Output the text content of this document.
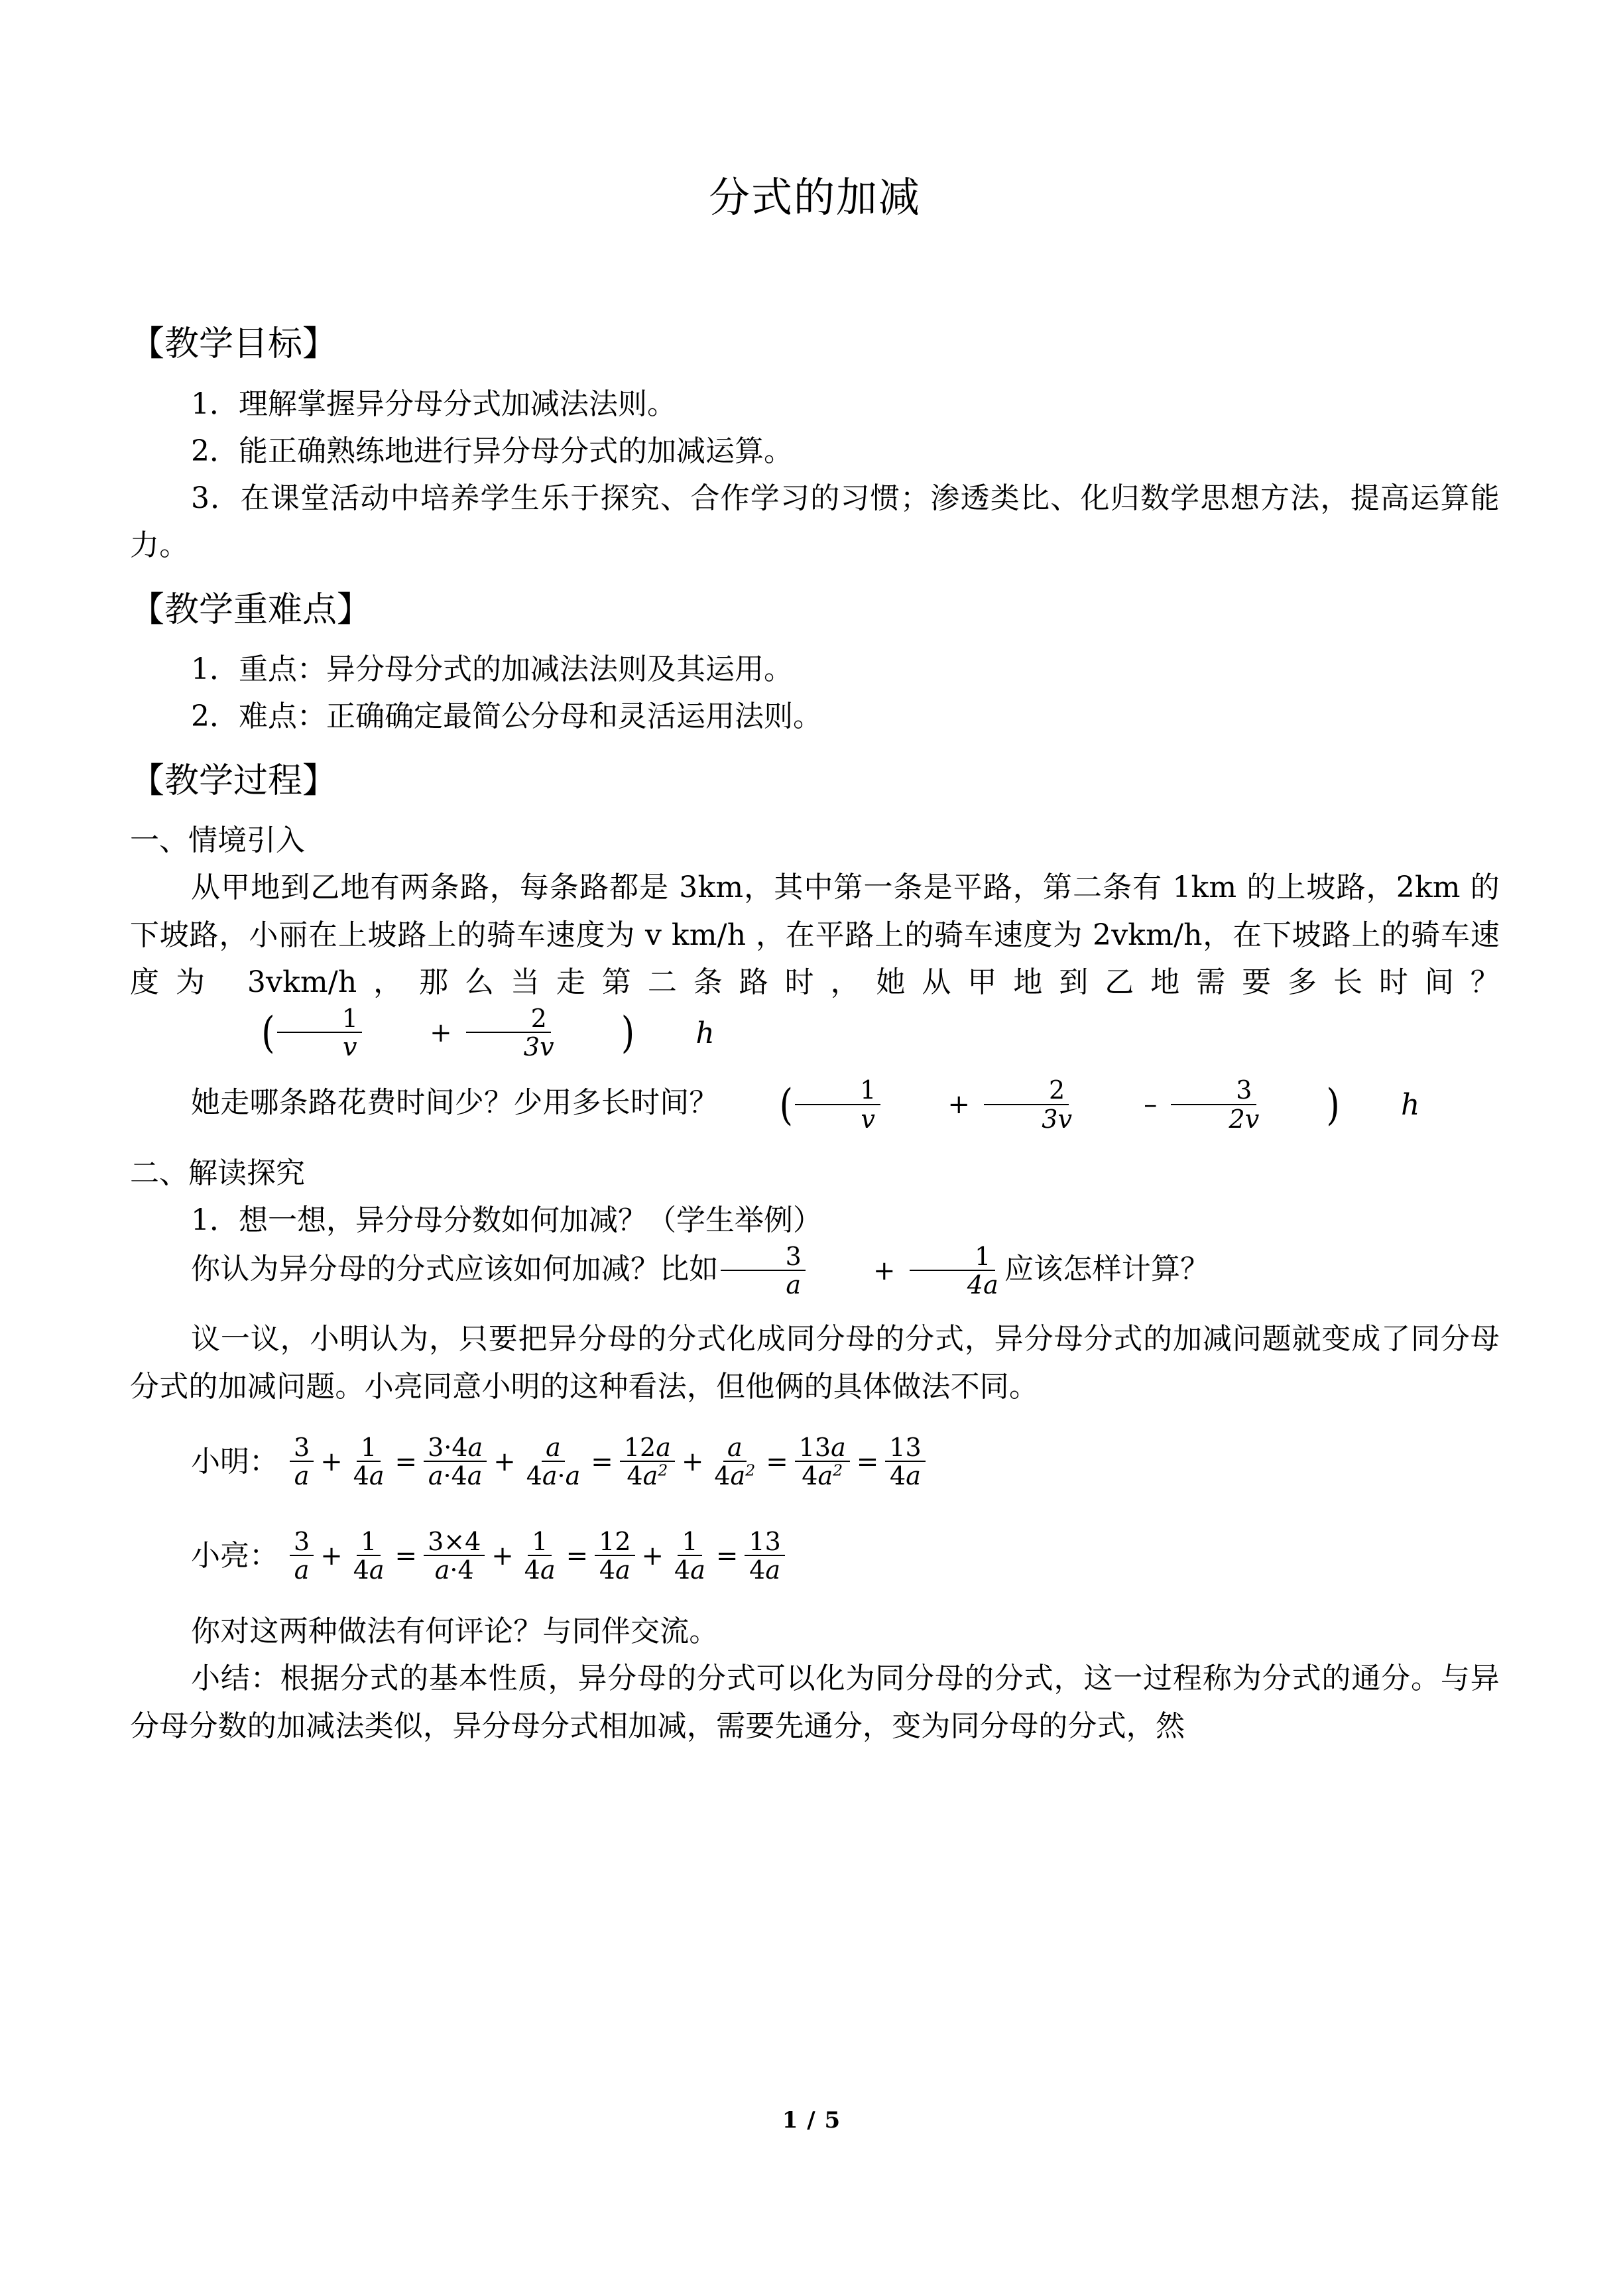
分式的加减
【教学目标】
1．理解掌握异分母分式加减法法则。
2．能正确熟练地进行异分母分式的加减运算。
3．在课堂活动中培养学生乐于探究、合作学习的习惯；渗透类比、化归数学思想方法，提高运算能力。
【教学重难点】
1．重点：异分母分式的加减法法则及其运用。
2．难点：正确确定最简公分母和灵活运用法则。
【教学过程】
一、情境引入
从甲地到乙地有两条路，每条路都是 3km，其中第一条是平路，第二条有 1km 的上坡路，2km 的下坡路，小丽在上坡路上的骑车速度为 v km/h ，在平路上的骑车速度为 2vkm/h，在下坡路上的骑车速度为 3vkm/h，那么当走第二条路时，她从甲地到乙地需要多长时间？
( $\frac{1}{v}$	+ $\frac{2}{3v}$	)	h
她走哪条路花费时间少？少用多长时间？	( $\frac{1}{v}$	+ $\frac{2}{3v}$	– $\frac{3}{2v}$	)	h
二、解读探究
1．想一想，异分母分数如何加减？（学生举例）
你认为异分母的分式应该如何加减？比如 $\frac{3}{a}$	+ $\frac{1}{4a}$ 应该怎样计算？
议一议，小明认为，只要把异分母的分式化成同分母的分式，异分母分式的加减问题就变成了同分母分式的加减问题。小亮同意小明的这种看法，但他俩的具体做法不同。
小明： $\frac{3}{a} + \frac{1}{4a} = \frac{3\cdot 4a}{a\cdot 4a} + \frac{a}{4a\cdot a} = \frac{12a}{4a^2} + \frac{a}{4a^2} = \frac{13a}{4a^2} = \frac{13}{4a}$
小亮： $\frac{3}{a} + \frac{1}{4a} = \frac{3\times 4}{a\cdot 4} + \frac{1}{4a} = \frac{12}{4a} + \frac{1}{4a} = \frac{13}{4a}$
你对这两种做法有何评论？与同伴交流。
小结：根据分式的基本性质，异分母的分式可以化为同分母的分式，这一过程称为分式的通分。与异分母分数的加减法类似，异分母分式相加减，需要先通分，变为同分母的分式，然
1 / 5
